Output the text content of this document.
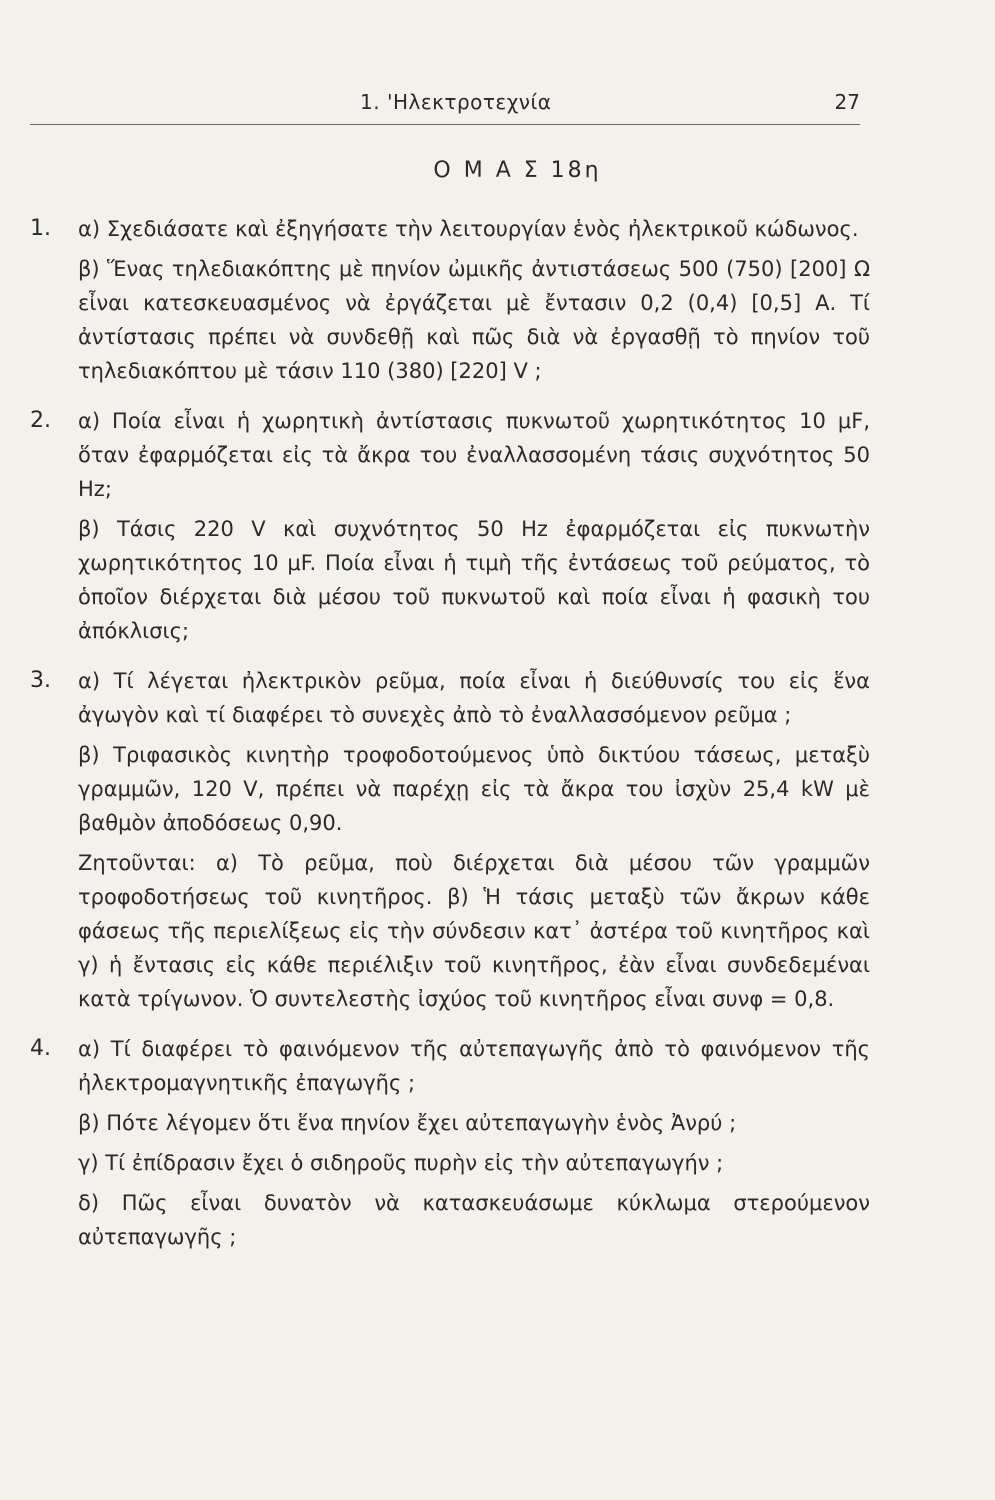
1. 'Ηλεκτροτεχνία	27
Ο Μ Α Σ 18η
1. α) Σχεδιάσατε καὶ ἐξηγήσατε τὴν λειτουργίαν ἑνὸς ἠλεκτρικοῦ κώδωνος.

β) Ἕνας τηλεδιακόπτης μὲ πηνίον ὠμικῆς ἀντιστάσεως 500 (750) [200] Ω εἶναι κατεσκευασμένος νὰ ἐργάζεται μὲ ἔντασιν 0,2 (0,4) [0,5] Α. Τί ἀντίστασις πρέπει νὰ συνδεθῇ καὶ πῶς διὰ νὰ ἐργασθῇ τὸ πηνίον τοῦ τηλεδιακόπτου μὲ τάσιν 110 (380) [220] V ;

2. α) Ποία εἶναι ἡ χωρητικὴ ἀντίστασις πυκνωτοῦ χωρητικότητος 10 μF, ὅταν ἐφαρμόζεται εἰς τὰ ἄκρα του ἐναλλασσομένη τάσις συχνότητος 50 Hz;

β) Τάσις 220 V καὶ συχνότητος 50 Hz ἐφαρμόζεται εἰς πυκνωτὴν χωρητικότητος 10 μF. Ποία εἶναι ἡ τιμὴ τῆς ἐντάσεως τοῦ ρεύματος, τὸ ὁποῖον διέρχεται διὰ μέσου τοῦ πυκνωτοῦ καὶ ποία εἶναι ἡ φασικὴ του ἀπόκλισις;

3. α) Τί λέγεται ἠλεκτρικὸν ρεῦμα, ποία εἶναι ἡ διεύθυνσίς του εἰς ἕνα ἀγωγὸν καὶ τί διαφέρει τὸ συνεχὲς ἀπὸ τὸ ἐναλλασσόμενον ρεῦμα ;

β) Τριφασικὸς κινητὴρ τροφοδοτούμενος ὑπὸ δικτύου τάσεως, μεταξὺ γραμμῶν, 120 V, πρέπει νὰ παρέχῃ εἰς τὰ ἄκρα του ἰσχὺν 25,4 kW μὲ βαθμὸν ἀποδόσεως 0,90.

Ζητοῦνται: α) Τὸ ρεῦμα, ποὺ διέρχεται διὰ μέσου τῶν γραμμῶν τροφοδοτήσεως τοῦ κινητῆρος. β) Ἡ τάσις μεταξὺ τῶν ἄκρων κάθε φάσεως τῆς περιελίξεως εἰς τὴν σύνδεσιν κατ᾽ ἀστέρα τοῦ κινητῆρος καὶ γ) ἡ ἔντασις εἰς κάθε περιέλιξιν τοῦ κινητῆρος, ἐὰν εἶναι συνδεδεμέναι κατὰ τρίγωνον. Ὁ συντελεστὴς ἰσχύος τοῦ κινητῆρος εἶναι συνφ = 0,8.

4. α) Τί διαφέρει τὸ φαινόμενον τῆς αὐτεπαγωγῆς ἀπὸ τὸ φαινόμενον τῆς ἠλεκτρομαγνητικῆς ἐπαγωγῆς ;

β) Πότε λέγομεν ὅτι ἕνα πηνίον ἔχει αὐτεπαγωγὴν ἑνὸς Ἀνρύ ;

γ) Τί ἐπίδρασιν ἔχει ὁ σιδηροῦς πυρὴν εἰς τὴν αὐτεπαγωγήν ;

δ) Πῶς εἶναι δυνατὸν νὰ κατασκευάσωμε κύκλωμα στερούμενον αὐτεπαγωγῆς ;
